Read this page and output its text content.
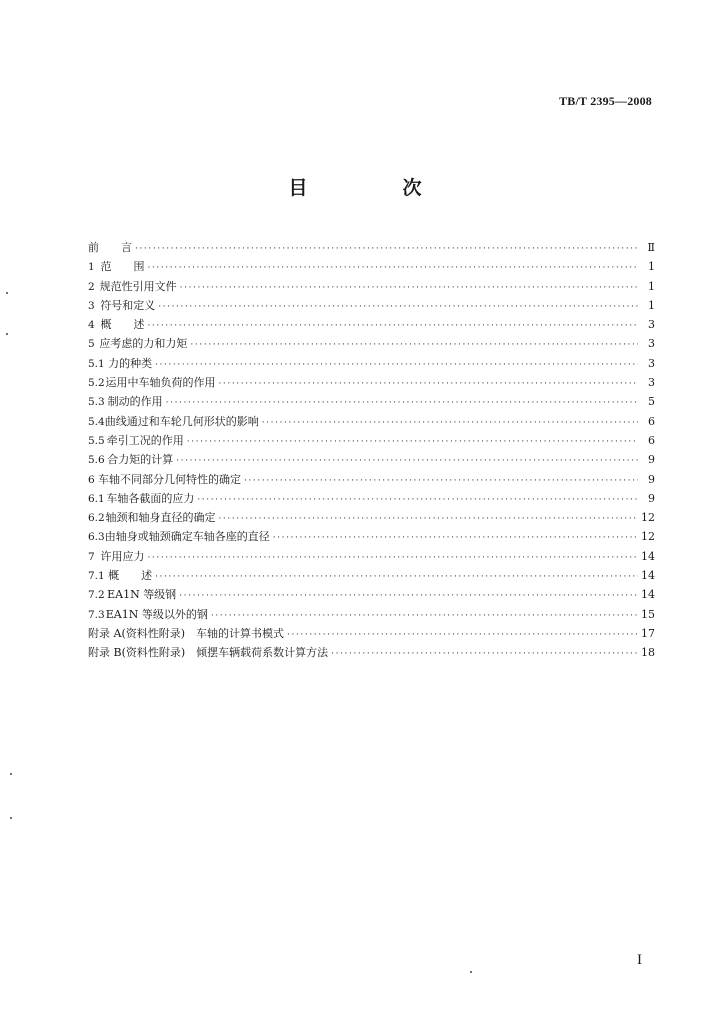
TB/T 2395—2008
目　次
前　　言 ·····	Ⅱ
1 范　　围 ·····	1
2 规范性引用文件 ·····	1
3 符号和定义 ·····	1
4 概　　述 ·····	3
5 应考虑的力和力矩 ·····	3
5.1 力的种类 ·····	3
5.2 运用中车轴负荷的作用 ·····	3
5.3 制动的作用 ·····	5
5.4 曲线通过和车轮几何形状的影响 ·····	6
5.5 牵引工况的作用 ·····	6
5.6 合力矩的计算 ·····	9
6 车轴不同部分几何特性的确定 ·····	9
6.1 车轴各截面的应力 ·····	9
6.2 轴颈和轴身直径的确定 ·····	12
6.3 由轴身或轴颈确定车轴各座的直径 ·····	12
7 许用应力 ·····	14
7.1 概　　述 ·····	14
7.2 EA1N 等级钢 ·····	14
7.3 EA1N 等级以外的钢 ·····	15
附录 A(资料性附录)　车轴的计算书模式 ·····	17
附录 B(资料性附录)　倾摆车辆载荷系数计算方法 ·····	18
I
